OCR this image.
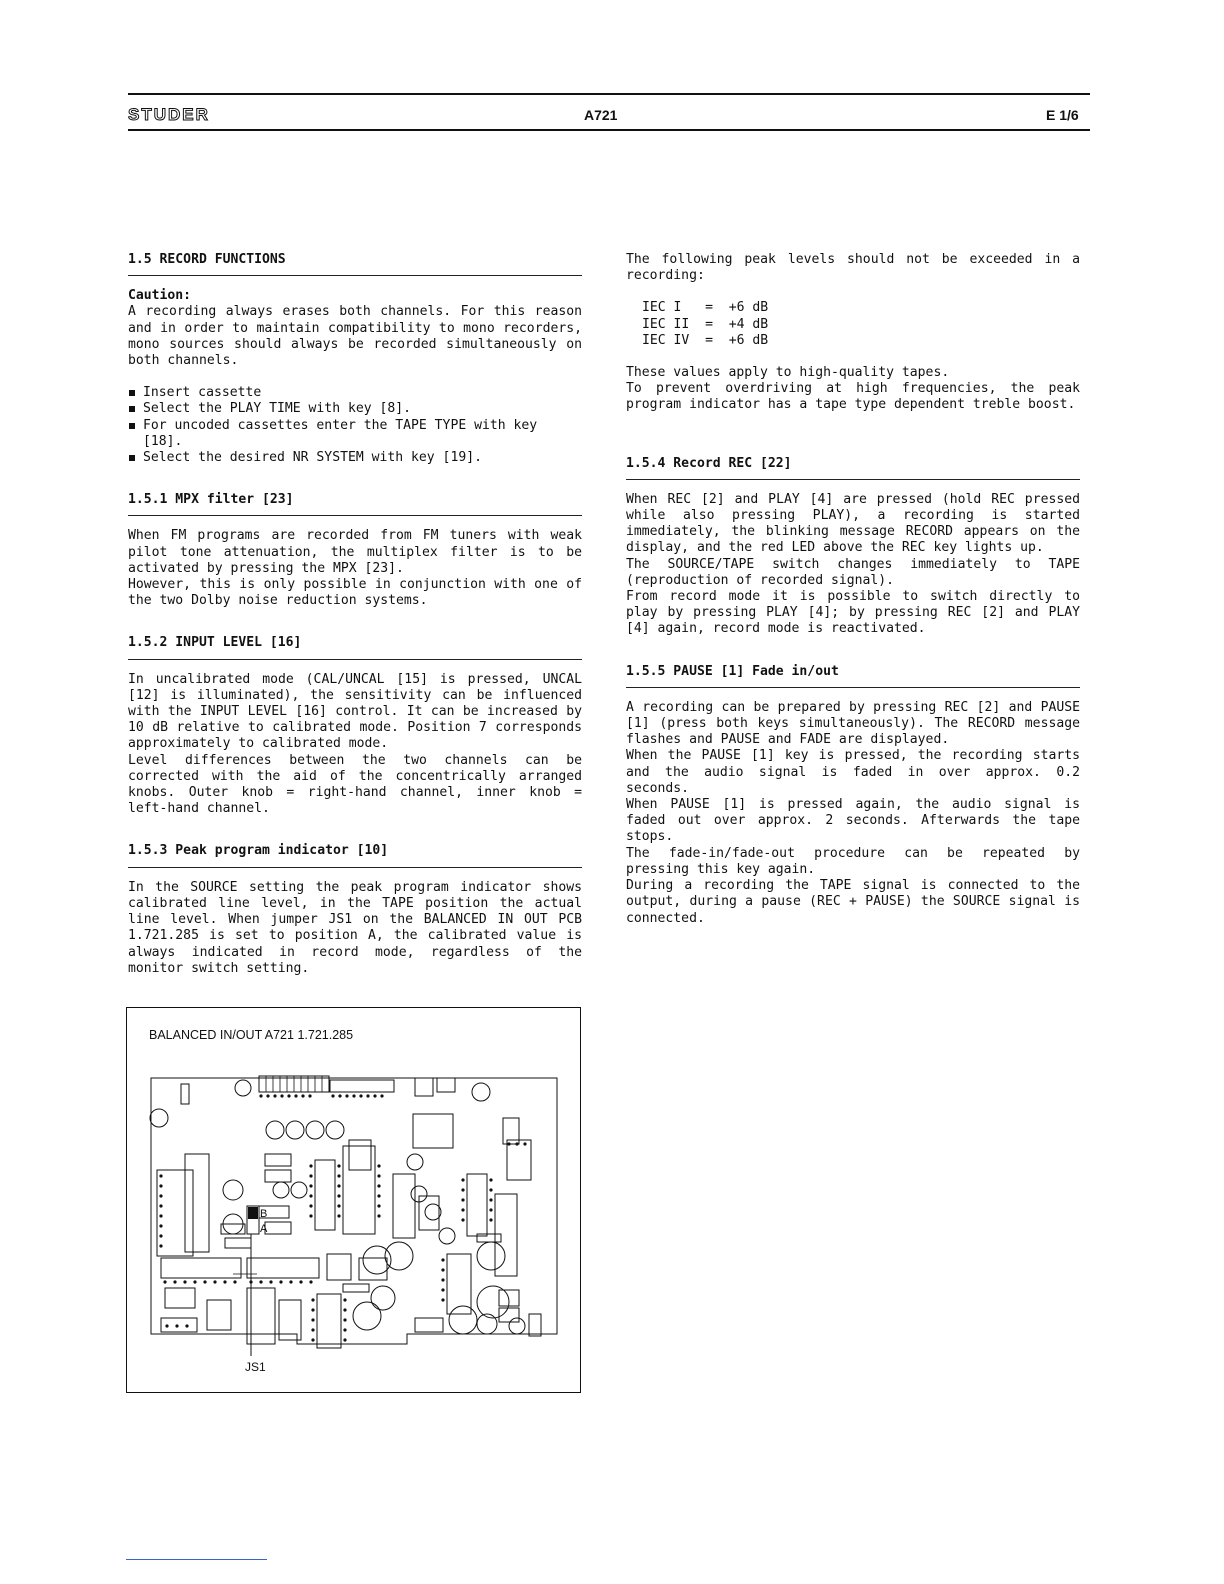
STUDER	A721	E 1/6
1.5 RECORD FUNCTIONS

Caution:

A recording always erases both channels. For this reason and in order to maintain compatibility to mono recorders, mono sources should always be recorded simultaneously on both channels.

Insert cassette
Select the PLAY TIME with key [8].
For uncoded cassettes enter the TAPE TYPE with key [18].
Select the desired NR SYSTEM with key [19].
1.5.1 MPX filter [23]

When FM programs are recorded from FM tuners with weak pilot tone attenuation, the multiplex filter is to be activated by pressing the MPX [23].

However, this is only possible in conjunction with one of the two Dolby noise reduction systems.

1.5.2 INPUT LEVEL [16]

In uncalibrated mode (CAL/UNCAL [15] is pressed, UNCAL [12] is illuminated), the sensitivity can be influenced with the INPUT LEVEL [16] control. It can be increased by 10 dB relative to calibrated mode. Position 7 corresponds approximately to calibrated mode.

Level differences between the two channels can be corrected with the aid of the concentrically arranged knobs. Outer knob = right-hand channel, inner knob = left-hand channel.

1.5.3 Peak program indicator [10]

In the SOURCE setting the peak program indicator shows calibrated line level, in the TAPE position the actual line level. When jumper JS1 on the BALANCED IN OUT PCB 1.721.285 is set to position A, the calibrated value is always indicated in record mode, regardless of the monitor switch setting.

The following peak levels should not be exceeded in a recording:

IEC I   =  +6 dB
IEC II  =  +4 dB
IEC IV  =  +6 dB

These values apply to high-quality tapes.

To prevent overdriving at high frequencies, the peak program indicator has a tape type dependent treble boost.

1.5.4 Record REC [22]

When REC [2] and PLAY [4] are pressed (hold REC pressed while also pressing PLAY), a recording is started immediately, the blinking message RECORD appears on the display, and the red LED above the REC key lights up.

The SOURCE/TAPE switch changes immediately to TAPE (reproduction of recorded signal).

From record mode it is possible to switch directly to play by pressing PLAY [4]; by pressing REC [2] and PLAY [4] again, record mode is reactivated.

1.5.5 PAUSE [1] Fade in/out

A recording can be prepared by pressing REC [2] and PAUSE [1] (press both keys simultaneously). The RECORD message flashes and PAUSE and FADE are displayed.

When the PAUSE [1] key is pressed, the recording starts and the audio signal is faded in over approx. 0.2 seconds.

When PAUSE [1] is pressed again, the audio signal is faded out over approx. 2 seconds. Afterwards the tape stops.

The fade-in/fade-out procedure can be repeated by pressing this key again.

During a recording the TAPE signal is connected to the output, during a pause (REC + PAUSE) the SOURCE signal is connected.

BALANCED IN/OUT A721 1.721.285
B
A
JS1
